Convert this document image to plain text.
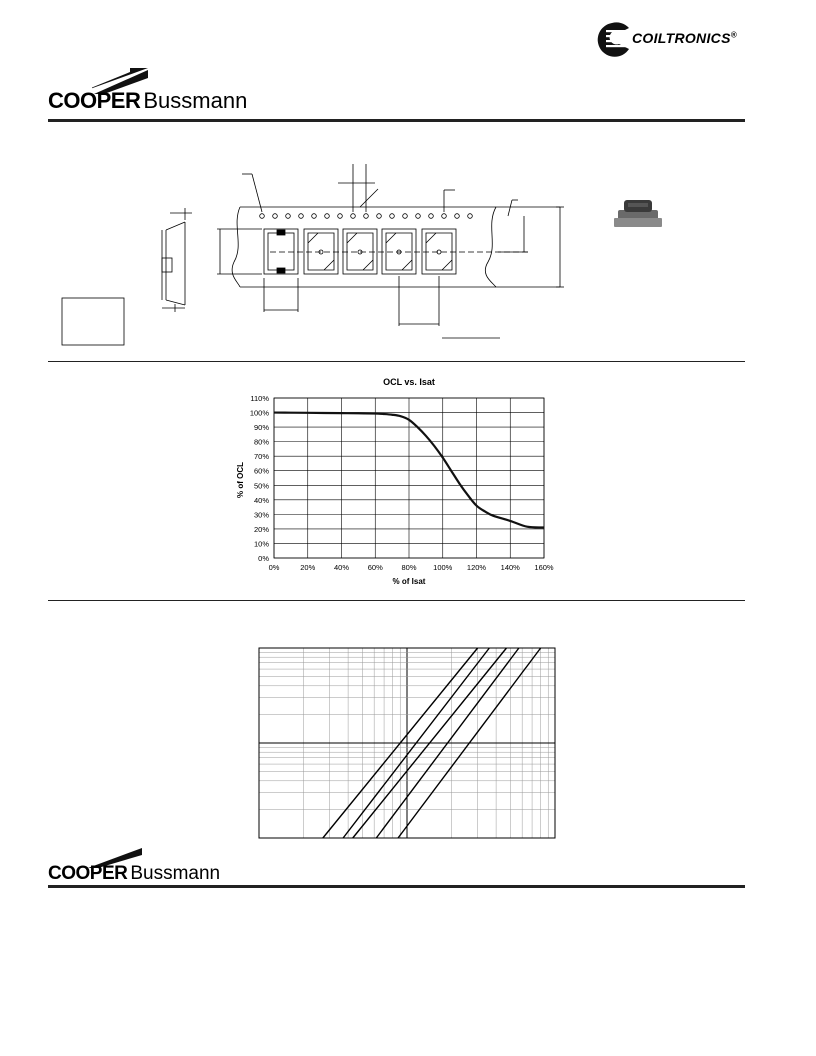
COILTRONICS®
COOPER Bussmann
OCL vs. Isat
0%
10%
20%
30%
40%
50%
60%
70%
80%
90%
100%
110%
0%	20% 40% 60% 80% 100% 120% 140% 160%
% of Isat
% of OCL
COOPER Bussmann
